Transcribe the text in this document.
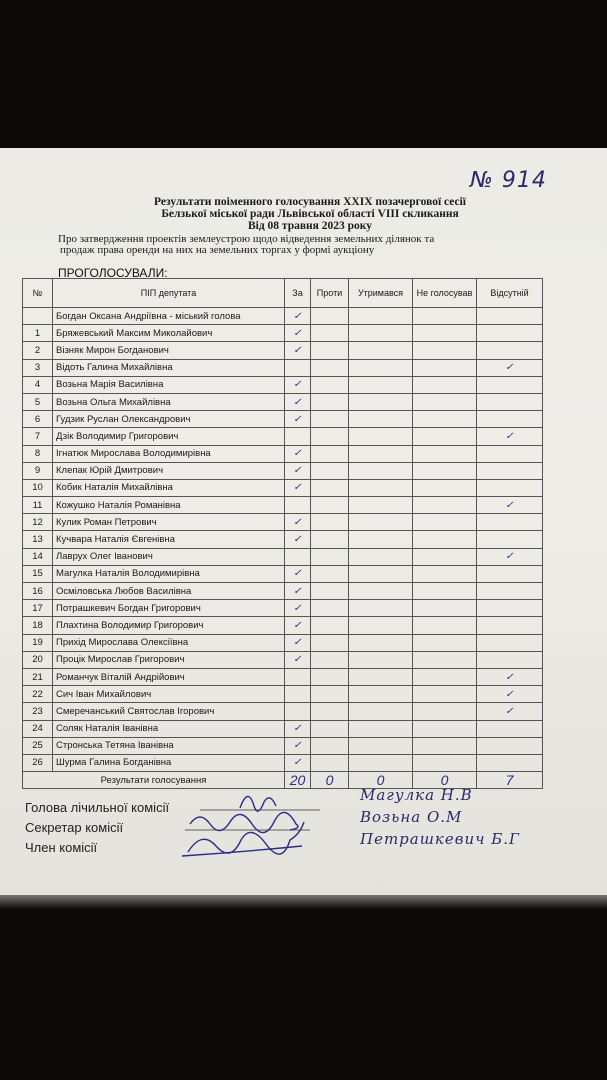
№ 914
Результати поіменного голосування XXIX позачергової сесії
Белзької міської ради Львівської області VIII скликання
Від 08 травня 2023 року
Про затвердження проектів землеустрою щодо відведення земельних ділянок та
продаж права оренди на них на земельних торгах у формі аукціону
ПРОГОЛОСУВАЛИ:
№	ПІП депутата	За	Проти	Утримався	Не голосував	Відсутній
	Богдан Оксана Андріївна - міський голова	✓				
1	Бряжевський Максим Миколайович	✓				
2	Візняк Мирон Богданович	✓				
3	Відоть Галина Михайлівна					✓
4	Возьна Марія Василівна	✓				
5	Возьна Ольга Михайлівна	✓				
6	Гудзик Руслан Олександрович	✓				
7	Дзік Володимир Григорович					✓
8	Ігнатюк Мирослава Володимирівна	✓				
9	Клепак Юрій Дмитрович	✓				
10	Кобик Наталія Михайлівна	✓				
11	Кожушко Наталія Романівна					✓
12	Кулик Роман Петрович	✓				
13	Кучвара Наталія Євгенівна	✓				
14	Лаврух Олег Іванович					✓
15	Магулка Наталія Володимирівна	✓				
16	Осміловська Любов Василівна	✓				
17	Потрашкевич Богдан Григорович	✓				
18	Плахтина Володимир Григорович	✓				
19	Прихід Мирослава Олексіївна	✓				
20	Процік Мирослав Григорович	✓				
21	Романчук Віталій Андрійович					✓
22	Сич Іван Михайлович					✓
23	Смеречанський Святослав Ігорович					✓
24	Соляк Наталія Іванівна	✓				
25	Стронська Тетяна Іванівна	✓				
26	Шурма Галина Богданівна	✓				
Результати голосування		20	0	0	0	7
Голова лічильної комісії
Секретар комісії
Член комісії
Магулка Н.В
Возьна О.М
Петрашкевич Б.Г
